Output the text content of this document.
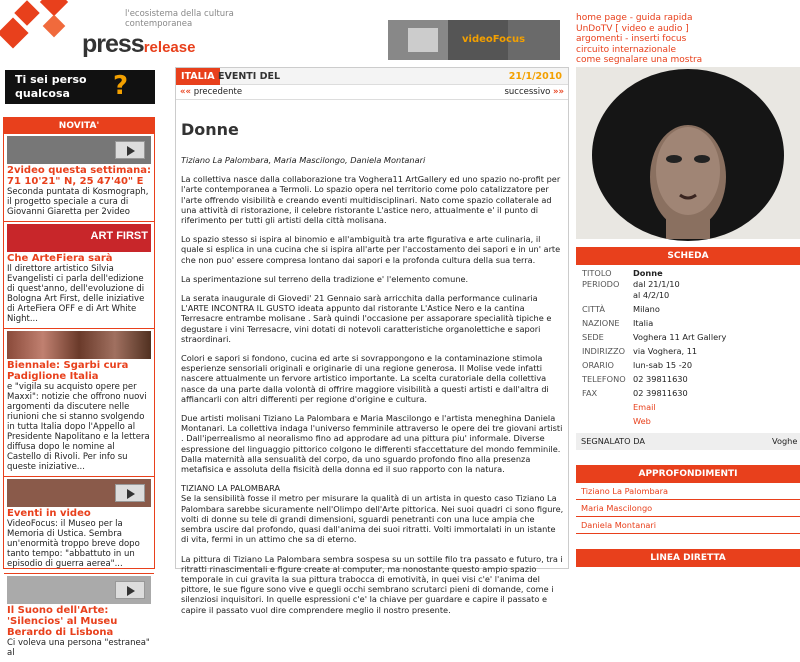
l'ecosistema della cultura contemporanea
pressrelease	videoFocus
home page - guida rapida
UnDoTV [ video e audio ]
argomenti - inserti focus
circuito internazionale
come segnalare una mostra
Ti sei perso
qualcosa	?
NOVITA'
2video questa settimana: 71 10'21" N, 25 47'40" E
Seconda puntata di Kosmograph, il progetto speciale a cura di Giovanni Giaretta per 2video
ART FIRST
Che ArteFiera sarà
Il direttore artistico Silvia Evangelisti ci parla dell'edizione di quest'anno, dell'evoluzione di Bologna Art First, delle iniziative di ArteFiera OFF e di Art White Night...
Biennale: Sgarbi cura Padiglione Italia
e "vigila su acquisto opere per Maxxi": notizie che offrono nuovi argomenti da discutere nelle riunioni che si stanno svolgendo in tutta Italia dopo l'Appello al Presidente Napolitano e la lettera diffusa dopo le nomine al Castello di Rivoli. Per info su queste iniziative...
Eventi in video
VideoFocus: il Museo per la Memoria di Ustica. Sembra un'enormità troppo breve dopo tanto tempo: "abbattuto in un episodio di guerra aerea"...
Il Suono dell'Arte: 'Silencios' al Museu Berardo di Lisbona
Ci voleva una persona "estranea" al
ITALIA EVENTI DEL	21/1/2010
«« precedente	successivo »»
Donne
Tiziano La Palombara, Maria Mascilongo, Daniela Montanari

La collettiva nasce dalla collaborazione tra Voghera11 ArtGallery ed uno spazio no-profit per l'arte contemporanea a Termoli. Lo spazio opera nel territorio come polo catalizzatore per l'arte offrendo visibilità e creando eventi multidisciplinari. Nato come spazio collaterale ad una attività di ristorazione, il celebre ristorante L'astice nero, attualmente e' il punto di riferimento per tutti gli artisti della città molisana.

Lo spazio stesso si ispira al binomio e all'ambiguità tra arte figurativa e arte culinaria, il quale si esplica in una cucina che si ispira all'arte per l'accostamento dei sapori e in un' arte che non puo' essere compresa lontano dai sapori e la profonda cultura della sua terra.

La sperimentazione sul terreno della tradizione e' l'elemento comune.

La serata inaugurale di Giovedi' 21 Gennaio sarà arricchita dalla performance culinaria L'ARTE INCONTRA IL GUSTO ideata appunto dal ristorante L'Astice Nero e la cantina Terresacre entrambe molisane . Sarà quindi l'occasione per assaporare specialità tipiche e degustare i vini Terresacre, vini dotati di notevoli caratteristiche organolettiche e sapori straordinari.

Colori e sapori si fondono, cucina ed arte si sovrappongono e la contaminazione stimola esperienze sensoriali originali e originarie di una regione generosa. Il Molise vede infatti nascere attualmente un fervore artistico importante. La scelta curatoriale della collettiva nasce da una parte dalla volontà di offrire maggiore visibilità a questi artisti e dall'altra di affiancarli con altri differenti per regione d'origine e cultura.

Due artisti molisani Tiziano La Palombara e Maria Mascilongo e l'artista meneghina Daniela Montanari. La collettiva indaga l'universo femminile attraverso le opere dei tre giovani artisti . Dall'iperrealismo al neoralismo fino ad approdare ad una pittura piu' informale. Diverse espressione del linguaggio pittorico colgono le differenti sfaccettature del mondo femminile. Dalla maternità alla sensualità del corpo, da uno sguardo profondo fino alla presenza metafisica e assoluta della fisicità della donna ed il suo rapporto con la natura.

TIZIANO LA PALOMBARA
Se la sensibilità fosse il metro per misurare la qualità di un artista in questo caso Tiziano La Palombara sarebbe sicuramente nell'Olimpo dell'Arte pittorica. Nei suoi quadri ci sono figure, volti di donne su tele di grandi dimensioni, sguardi penetranti con una luce ampia che sembra uscire dal profondo, quasi dall'anima dei suoi ritratti. Volti immortalati in un istante di vita, fermi in un attimo che sa di eterno.

La pittura di Tiziano La Palombara sembra sospesa su un sottile filo tra passato e futuro, tra i ritratti rinascimentali e figure create al computer, ma nonostante questo ampio spazio temporale in cui gravita la sua pittura trabocca di emotività, in quei visi c'e' l'anima del pittore, le sue figure sono vive e quegli occhi sembrano scrutarci pieni di domande, come i silenziosi inquisitori. In quelle espressioni c'e' la chiave per guardare e capire il passato e capire il passato vuol dire comprendere meglio il nostro presente.

SCHEDA
TITOLO	Donne
PERIODO dal 21/1/10
al 4/2/10
CITTÀ	Milano
NAZIONE Italia
SEDE	Voghera 11 Art Gallery
INDIRIZZO via Voghera, 11
ORARIO lun-sab 15 -20
TELEFONO 02 39811630
FAX	02 39811630
Email
Web
SEGNALATO DA	Voghe
APPROFONDIMENTI
Tiziano La Palombara
Maria Mascilongo
Daniela Montanari
LINEA DIRETTA
